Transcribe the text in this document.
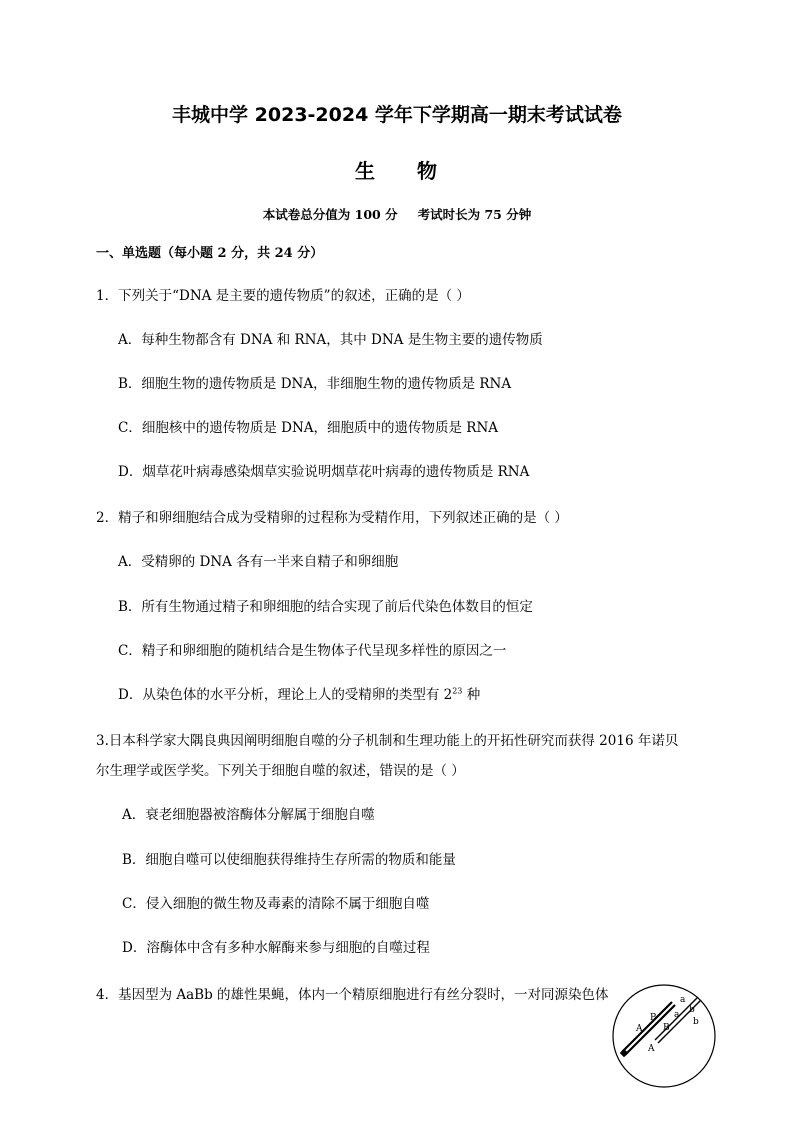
丰城中学 2023-2024 学年下学期高一期末考试试卷
生 物
本试卷总分值为 100 分 考试时长为 75 分钟
一、单选题（每小题 2 分，共 24 分）
1．下列关于“DNA 是主要的遗传物质”的叙述，正确的是（ ）
A．每种生物都含有 DNA 和 RNA，其中 DNA 是生物主要的遗传物质
B．细胞生物的遗传物质是 DNA，非细胞生物的遗传物质是 RNA
C．细胞核中的遗传物质是 DNA，细胞质中的遗传物质是 RNA
D．烟草花叶病毒感染烟草实验说明烟草花叶病毒的遗传物质是 RNA
2．精子和卵细胞结合成为受精卵的过程称为受精作用，下列叙述正确的是（ ）
A．受精卵的 DNA 各有一半来自精子和卵细胞
B．所有生物通过精子和卵细胞的结合实现了前后代染色体数目的恒定
C．精子和卵细胞的随机结合是生物体子代呈现多样性的原因之一
D．从染色体的水平分析，理论上人的受精卵的类型有 $2^{23}$ 种
3.日本科学家大隅良典因阐明细胞自噬的分子机制和生理功能上的开拓性研究而获得 2016 年诺贝
尔生理学或医学奖。下列关于细胞自噬的叙述，错误的是（ ）
A．衰老细胞器被溶酶体分解属于细胞自噬
B．细胞自噬可以使细胞获得维持生存所需的物质和能量
C．侵入细胞的微生物及毒素的清除不属于细胞自噬
D．溶酶体中含有多种水解酶来参与细胞的自噬过程
4．基因型为 AaBb 的雄性果蝇，体内一个精原细胞进行有丝分裂时，一对同源染色体
A
a
B
b
A
a
B
b
